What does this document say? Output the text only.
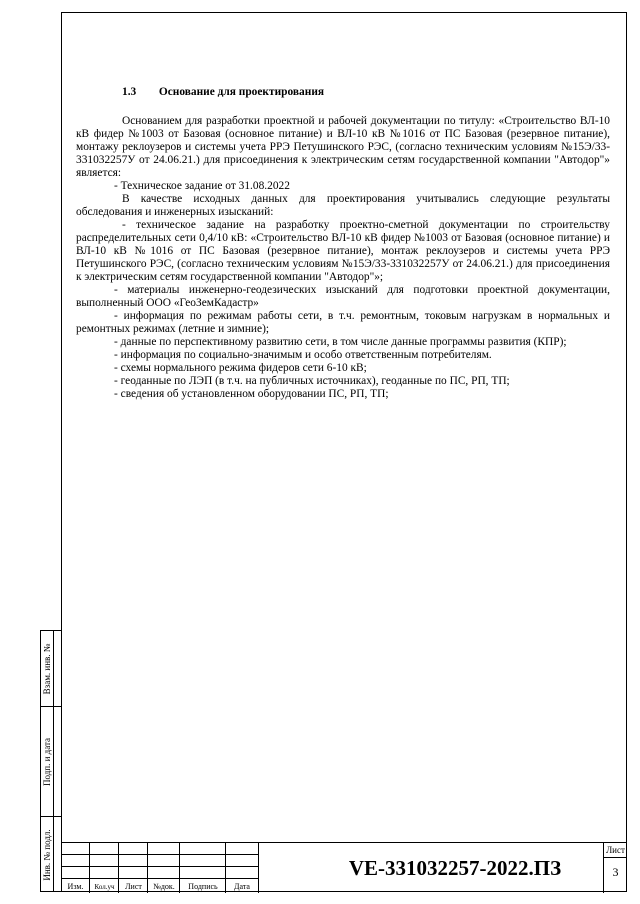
Взам. инв. №
Подп. и дата
Инв. № подл.
1.3 Основание для проектирования

Основанием для разработки проектной и рабочей документации по титулу: «Строительство ВЛ-10 кВ фидер №1003 от Базовая (основное питание) и ВЛ-10 кВ №1016 от ПС Базовая (резервное питание), монтажу реклоузеров и системы учета РРЭ Петушинского РЭС, (согласно техническим условиям №15Э/33-331032257У от 24.06.21.) для присоединения к электрическим сетям государственной компании "Автодор"» является:

- Техническое задание от 31.08.2022

В качестве исходных данных для проектирования учитывались следующие результаты обследования и инженерных изысканий:

- техническое задание на разработку проектно-сметной документации по строительству распределительных сети 0,4/10 кВ: «Строительство ВЛ-10 кВ фидер №1003 от Базовая (основное питание) и ВЛ-10 кВ №1016 от ПС Базовая (резервное питание), монтаж реклоузеров и системы учета РРЭ Петушинского РЭС, (согласно техническим условиям №15Э/33-331032257У от 24.06.21.) для присоединения к электрическим сетям государственной компании "Автодор"»;

- материалы инженерно-геодезических изысканий для подготовки проектной документации, выполненный ООО «ГеоЗемКадастр»

- информация по режимам работы сети, в т.ч. ремонтным, токовым нагрузкам в нормальных и ремонтных режимах (летние и зимние);

- данные по перспективному развитию сети, в том числе данные программы развития (КПР);

- информация по социально-значимым и особо ответственным потребителям.

- схемы нормального режима фидеров сети 6-10 кВ;

- геоданные по ЛЭП (в т.ч. на публичных источниках), геоданные по ПС, РП, ТП;

- сведения об установленном оборудовании ПС, РП, ТП;

Изм.	Кол.уч	Лист	№док.	Подпись	Дата
VE-331032257-2022.ПЗ
Лист
3
